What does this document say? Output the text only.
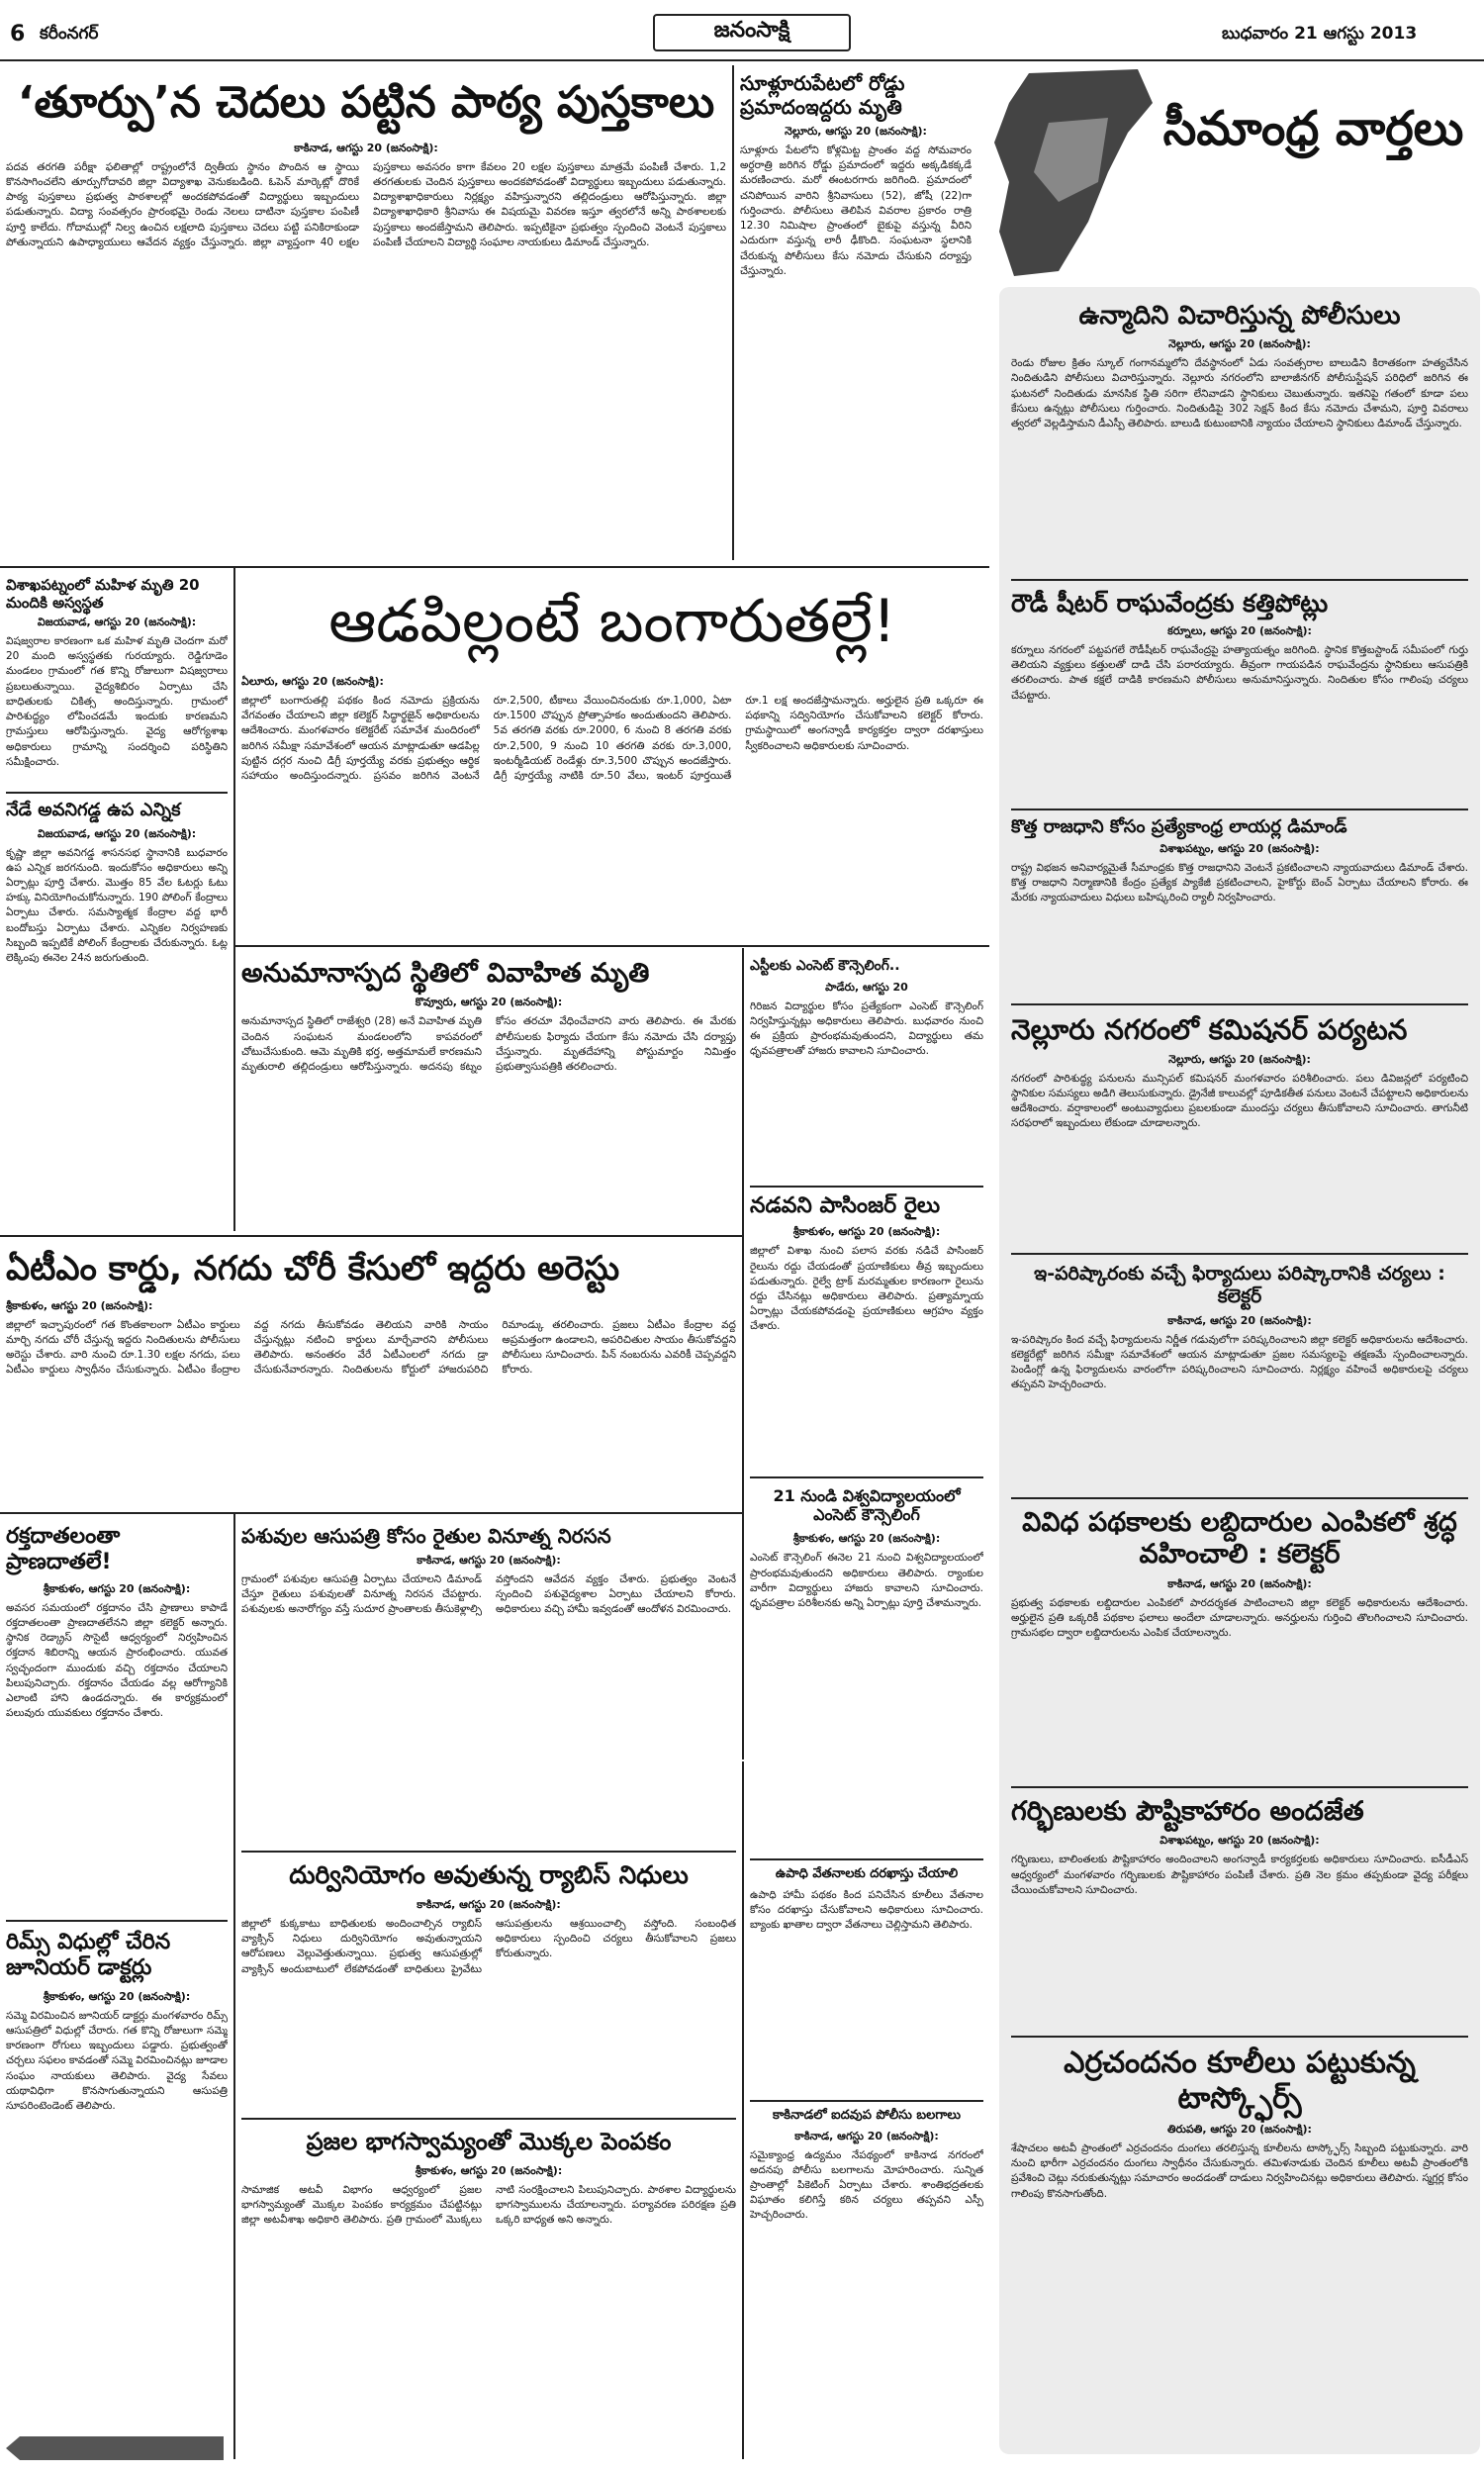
6 కరీంనగర్	జనంసాక్షి	బుధవారం 21 ఆగస్టు 2013
‘తూర్పు’న చెదలు పట్టిన పాఠ్య పుస్తకాలు
కాకినాడ, ఆగస్టు 20 (జనంసాక్షి):

పదవ తరగతి పరీక్షా ఫలితాల్లో రాష్ట్రంలోనే ద్వితీయ స్థానం పొందిన ఆ స్థాయి కొనసాగించలేని తూర్పుగోదావరి జిల్లా విద్యాశాఖ వెనుకబడింది. ఓపెన్ మార్కెట్లో దొరికే పాఠ్య పుస్తకాలు ప్రభుత్వ పాఠశాలల్లో అందకపోవడంతో విద్యార్థులు ఇబ్బందులు పడుతున్నారు. విద్యా సంవత్సరం ప్రారంభమై రెండు నెలలు దాటినా పుస్తకాల పంపిణీ పూర్తి కాలేదు. గోదాముల్లో నిల్వ ఉంచిన లక్షలాది పుస్తకాలు చెదలు పట్టి పనికిరాకుండా పోతున్నాయని ఉపాధ్యాయులు ఆవేదన వ్యక్తం చేస్తున్నారు. జిల్లా వ్యాప్తంగా 40 లక్షల పుస్తకాలు అవసరం కాగా కేవలం 20 లక్షల పుస్తకాలు మాత్రమే పంపిణీ చేశారు. 1,2 తరగతులకు చెందిన పుస్తకాలు అందకపోవడంతో విద్యార్థులు ఇబ్బందులు పడుతున్నారు. విద్యాశాఖాధికారులు నిర్లక్ష్యం వహిస్తున్నారని తల్లిదండ్రులు ఆరోపిస్తున్నారు. జిల్లా విద్యాశాఖాధికారి శ్రీనివాసు ఈ విషయమై వివరణ ఇస్తూ త్వరలోనే అన్ని పాఠశాలలకు పుస్తకాలు అందజేస్తామని తెలిపారు. ఇప్పటికైనా ప్రభుత్వం స్పందించి వెంటనే పుస్తకాలు పంపిణీ చేయాలని విద్యార్థి సంఘాల నాయకులు డిమాండ్ చేస్తున్నారు.

సూళ్లూరుపేటలో రోడ్డు ప్రమాదంఇద్దరు మృతి
నెల్లూరు, ఆగస్టు 20 (జనంసాక్షి):

సూళ్లూరు పేటలోని కోళ్లమిట్ట ప్రాంతం వద్ద సోమవారం అర్ధరాత్రి జరిగిన రోడ్డు ప్రమాదంలో ఇద్దరు అక్కడికక్కడే మరణించారు. మరో ఈంటరగారు జరిగింది. ప్రమాదంలో చనిపోయిన వారిని శ్రీనివాసులు (52), జోషీ (22)గా గుర్తించారు. పోలీసులు తెలిపిన వివరాల ప్రకారం రాత్రి 12.30 నిమిషాల ప్రాంతంలో బైకుపై వస్తున్న వీరిని ఎదురుగా వస్తున్న లారీ ఢీకొంది. సంఘటనా స్థలానికి చేరుకున్న పోలీసులు కేసు నమోదు చేసుకుని దర్యాప్తు చేస్తున్నారు.

సీమాంధ్ర వార్తలు
ఉన్మాదిని విచారిస్తున్న పోలీసులు
నెల్లూరు, ఆగస్టు 20 (జనంసాక్షి):

రెండు రోజుల క్రితం స్కూల్ గంగానమ్మలోని దేవస్థానంలో ఏడు సంవత్సరాల బాలుడిని కిరాతకంగా హత్యచేసిన నిందితుడిని పోలీసులు విచారిస్తున్నారు. నెల్లూరు నగరంలోని బాలాజీనగర్ పోలీసుస్టేషన్ పరిధిలో జరిగిన ఈ ఘటనలో నిందితుడు మానసిక స్థితి సరిగా లేనివాడని స్థానికులు చెబుతున్నారు. ఇతనిపై గతంలో కూడా పలు కేసులు ఉన్నట్లు పోలీసులు గుర్తించారు. నిందితుడిపై 302 సెక్షన్ కింద కేసు నమోదు చేశామని, పూర్తి వివరాలు త్వరలో వెల్లడిస్తామని డీఎస్పీ తెలిపారు. బాలుడి కుటుంబానికి న్యాయం చేయాలని స్థానికులు డిమాండ్ చేస్తున్నారు.

రౌడీ షీటర్ రాఘవేంద్రకు కత్తిపోట్లు
కర్నూలు, ఆగస్టు 20 (జనంసాక్షి):

కర్నూలు నగరంలో పట్టపగలే రౌడీషీటర్ రాఘవేంద్రపై హత్యాయత్నం జరిగింది. స్థానిక కొత్తబస్టాండ్ సమీపంలో గుర్తు తెలియని వ్యక్తులు కత్తులతో దాడి చేసి పరారయ్యారు. తీవ్రంగా గాయపడిన రాఘవేంద్రను స్థానికులు ఆసుపత్రికి తరలించారు. పాత కక్షలే దాడికి కారణమని పోలీసులు అనుమానిస్తున్నారు. నిందితుల కోసం గాలింపు చర్యలు చేపట్టారు.

కొత్త రాజధాని కోసం ప్రత్యేకాంధ్ర లాయర్ల డిమాండ్
విశాఖపట్నం, ఆగస్టు 20 (జనంసాక్షి):

రాష్ట్ర విభజన అనివార్యమైతే సీమాంధ్రకు కొత్త రాజధానిని వెంటనే ప్రకటించాలని న్యాయవాదులు డిమాండ్ చేశారు. కొత్త రాజధాని నిర్మాణానికి కేంద్రం ప్రత్యేక ప్యాకేజీ ప్రకటించాలని, హైకోర్టు బెంచ్ ఏర్పాటు చేయాలని కోరారు. ఈ మేరకు న్యాయవాదులు విధులు బహిష్కరించి ర్యాలీ నిర్వహించారు.

నెల్లూరు నగరంలో కమిషనర్ పర్యటన
నెల్లూరు, ఆగస్టు 20 (జనంసాక్షి):

నగరంలో పారిశుద్ధ్య పనులను మున్సిపల్ కమిషనర్ మంగళవారం పరిశీలించారు. పలు డివిజన్లలో పర్యటించి స్థానికుల సమస్యలు అడిగి తెలుసుకున్నారు. డ్రైనేజీ కాలువల్లో పూడికతీత పనులు వెంటనే చేపట్టాలని అధికారులను ఆదేశించారు. వర్షాకాలంలో అంటువ్యాధులు ప్రబలకుండా ముందస్తు చర్యలు తీసుకోవాలని సూచించారు. తాగునీటి సరఫరాలో ఇబ్బందులు లేకుండా చూడాలన్నారు.

ఇ-పరిష్కారంకు వచ్చే ఫిర్యాదులు పరిష్కారానికి చర్యలు : కలెక్టర్
కాకినాడ, ఆగస్టు 20 (జనంసాక్షి):

ఇ-పరిష్కారం కింద వచ్చే ఫిర్యాదులను నిర్ణీత గడువులోగా పరిష్కరించాలని జిల్లా కలెక్టర్ అధికారులను ఆదేశించారు. కలెక్టరేట్లో జరిగిన సమీక్షా సమావేశంలో ఆయన మాట్లాడుతూ ప్రజల సమస్యలపై తక్షణమే స్పందించాలన్నారు. పెండింగ్లో ఉన్న ఫిర్యాదులను వారంలోగా పరిష్కరించాలని సూచించారు. నిర్లక్ష్యం వహించే అధికారులపై చర్యలు తప్పవని హెచ్చరించారు.

వివిధ పథకాలకు లబ్దిదారుల ఎంపికలో శ్రద్ధ వహించాలి : కలెక్టర్
కాకినాడ, ఆగస్టు 20 (జనంసాక్షి):

ప్రభుత్వ పథకాలకు లబ్దిదారుల ఎంపికలో పారదర్శకత పాటించాలని జిల్లా కలెక్టర్ అధికారులను ఆదేశించారు. అర్హులైన ప్రతి ఒక్కరికీ పథకాల ఫలాలు అందేలా చూడాలన్నారు. అనర్హులను గుర్తించి తొలగించాలని సూచించారు. గ్రామసభల ద్వారా లబ్దిదారులను ఎంపిక చేయాలన్నారు.

గర్భిణులకు పౌష్టికాహారం అందజేత
విశాఖపట్నం, ఆగస్టు 20 (జనంసాక్షి):

గర్భిణులు, బాలింతలకు పౌష్టికాహారం అందించాలని అంగన్వాడీ కార్యకర్తలకు అధికారులు సూచించారు. ఐసీడీఎస్ ఆధ్వర్యంలో మంగళవారం గర్భిణులకు పౌష్టికాహారం పంపిణీ చేశారు. ప్రతి నెల క్రమం తప్పకుండా వైద్య పరీక్షలు చేయించుకోవాలని సూచించారు.

ఎర్రచందనం కూలీలు పట్టుకున్న టాస్క్ఫోర్స్
తిరుపతి, ఆగస్టు 20 (జనంసాక్షి):

శేషాచలం అటవీ ప్రాంతంలో ఎర్రచందనం దుంగలు తరలిస్తున్న కూలీలను టాస్క్ఫోర్స్ సిబ్బంది పట్టుకున్నారు. వారి నుంచి భారీగా ఎర్రచందనం దుంగలు స్వాధీనం చేసుకున్నారు. తమిళనాడుకు చెందిన కూలీలు అటవీ ప్రాంతంలోకి ప్రవేశించి చెట్లు నరుకుతున్నట్లు సమాచారం అందడంతో దాడులు నిర్వహించినట్లు అధికారులు తెలిపారు. స్మగ్లర్ల కోసం గాలింపు కొనసాగుతోంది.

విశాఖపట్నంలో మహిళ మృతి 20 మందికి అస్వస్థత
విజయవాడ, ఆగస్టు 20 (జనంసాక్షి):

విషజ్వరాల కారణంగా ఒక మహిళ మృతి చెందగా మరో 20 మంది అస్వస్థతకు గురయ్యారు. రెడ్డిగూడెం మండలం గ్రామంలో గత కొన్ని రోజులుగా విషజ్వరాలు ప్రబలుతున్నాయి. వైద్యశిబిరం ఏర్పాటు చేసి బాధితులకు చికిత్స అందిస్తున్నారు. గ్రామంలో పారిశుద్ధ్యం లోపించడమే ఇందుకు కారణమని గ్రామస్తులు ఆరోపిస్తున్నారు. వైద్య ఆరోగ్యశాఖ అధికారులు గ్రామాన్ని సందర్శించి పరిస్థితిని సమీక్షించారు.

నేడే అవనిగడ్డ ఉప ఎన్నిక
విజయవాడ, ఆగస్టు 20 (జనంసాక్షి):

కృష్ణా జిల్లా అవనిగడ్డ శాసనసభ స్థానానికి బుధవారం ఉప ఎన్నిక జరగనుంది. ఇందుకోసం అధికారులు అన్ని ఏర్పాట్లు పూర్తి చేశారు. మొత్తం 85 వేల ఓటర్లు ఓటు హక్కు వినియోగించుకోనున్నారు. 190 పోలింగ్ కేంద్రాలు ఏర్పాటు చేశారు. సమస్యాత్మక కేంద్రాల వద్ద భారీ బందోబస్తు ఏర్పాటు చేశారు. ఎన్నికల నిర్వహణకు సిబ్బంది ఇప్పటికే పోలింగ్ కేంద్రాలకు చేరుకున్నారు. ఓట్ల లెక్కింపు ఈనెల 24న జరుగుతుంది.

ఆడపిల్లంటే బంగారుతల్లే!
ఏలూరు, ఆగస్టు 20 (జనంసాక్షి):

జిల్లాలో బంగారుతల్లి పథకం కింద నమోదు ప్రక్రియను వేగవంతం చేయాలని జిల్లా కలెక్టర్ సిద్ధార్థజైన్ అధికారులను ఆదేశించారు. మంగళవారం కలెక్టరేట్ సమావేశ మందిరంలో జరిగిన సమీక్షా సమావేశంలో ఆయన మాట్లాడుతూ ఆడపిల్ల పుట్టిన దగ్గర నుంచి డిగ్రీ పూర్తయ్యే వరకు ప్రభుత్వం ఆర్థిక సహాయం అందిస్తుందన్నారు. ప్రసవం జరిగిన వెంటనే రూ.2,500, టీకాలు వేయించినందుకు రూ.1,000, ఏటా రూ.1500 చొప్పున ప్రోత్సాహకం అందుతుందని తెలిపారు. 5వ తరగతి వరకు రూ.2000, 6 నుంచి 8 తరగతి వరకు రూ.2,500, 9 నుంచి 10 తరగతి వరకు రూ.3,000, ఇంటర్మీడియట్ రెండేళ్లు రూ.3,500 చొప్పున అందజేస్తారు. డిగ్రీ పూర్తయ్యే నాటికి రూ.50 వేలు, ఇంటర్ పూర్తయితే రూ.1 లక్ష అందజేస్తామన్నారు. అర్హులైన ప్రతి ఒక్కరూ ఈ పథకాన్ని సద్వినియోగం చేసుకోవాలని కలెక్టర్ కోరారు. గ్రామస్థాయిలో అంగన్వాడీ కార్యకర్తల ద్వారా దరఖాస్తులు స్వీకరించాలని అధికారులకు సూచించారు.

అనుమానాస్పద స్థితిలో వివాహిత మృతి
కొవ్వూరు, ఆగస్టు 20 (జనంసాక్షి):

అనుమానాస్పద స్థితిలో రాజేశ్వరి (28) అనే వివాహిత మృతి చెందిన సంఘటన మండలంలోని కాపవరంలో చోటుచేసుకుంది. ఆమె మృతికి భర్త, అత్తమామలే కారణమని మృతురాలి తల్లిదండ్రులు ఆరోపిస్తున్నారు. అదనపు కట్నం కోసం తరచూ వేధించేవారని వారు తెలిపారు. ఈ మేరకు పోలీసులకు ఫిర్యాదు చేయగా కేసు నమోదు చేసి దర్యాప్తు చేస్తున్నారు. మృతదేహాన్ని పోస్టుమార్టం నిమిత్తం ప్రభుత్వాసుపత్రికి తరలించారు.

ఎస్టీలకు ఎంసెట్ కౌన్సెలింగ్..
పాడేరు, ఆగస్టు 20

గిరిజన విద్యార్థుల కోసం ప్రత్యేకంగా ఎంసెట్ కౌన్సెలింగ్ నిర్వహిస్తున్నట్లు అధికారులు తెలిపారు. బుధవారం నుంచి ఈ ప్రక్రియ ప్రారంభమవుతుందని, విద్యార్థులు తమ ధృవపత్రాలతో హాజరు కావాలని సూచించారు.

నడవని పాసింజర్ రైలు
శ్రీకాకుళం, ఆగస్టు 20 (జనంసాక్షి):

జిల్లాలో విశాఖ నుంచి పలాస వరకు నడిచే పాసింజర్ రైలును రద్దు చేయడంతో ప్రయాణికులు తీవ్ర ఇబ్బందులు పడుతున్నారు. రైల్వే ట్రాక్ మరమ్మతుల కారణంగా రైలును రద్దు చేసినట్లు అధికారులు తెలిపారు. ప్రత్యామ్నాయ ఏర్పాట్లు చేయకపోవడంపై ప్రయాణికులు ఆగ్రహం వ్యక్తం చేశారు.

ఏటీఎం కార్డు, నగదు చోరీ కేసులో ఇద్దరు అరెస్టు
శ్రీకాకుళం, ఆగస్టు 20 (జనంసాక్షి):

జిల్లాలో ఇచ్ఛాపురంలో గత కొంతకాలంగా ఏటీఎం కార్డులు మార్చి నగదు చోరీ చేస్తున్న ఇద్దరు నిందితులను పోలీసులు అరెస్టు చేశారు. వారి నుంచి రూ.1.30 లక్షల నగదు, పలు ఏటీఎం కార్డులు స్వాధీనం చేసుకున్నారు. ఏటీఎం కేంద్రాల వద్ద నగదు తీసుకోవడం తెలియని వారికి సాయం చేస్తున్నట్లు నటించి కార్డులు మార్చేవారని పోలీసులు తెలిపారు. అనంతరం వేరే ఏటీఎంలలో నగదు డ్రా చేసుకునేవారన్నారు. నిందితులను కోర్టులో హాజరుపరిచి రిమాండ్కు తరలించారు. ప్రజలు ఏటీఎం కేంద్రాల వద్ద అప్రమత్తంగా ఉండాలని, అపరిచితుల సాయం తీసుకోవద్దని పోలీసులు సూచించారు. పిన్ నంబరును ఎవరికీ చెప్పవద్దని కోరారు.

రక్తదాతలంతా ప్రాణదాతలే!
శ్రీకాకుళం, ఆగస్టు 20 (జనంసాక్షి):

అవసర సమయంలో రక్తదానం చేసి ప్రాణాలు కాపాడే రక్తదాతలంతా ప్రాణదాతలేనని జిల్లా కలెక్టర్ అన్నారు. స్థానిక రెడ్క్రాస్ సొసైటీ ఆధ్వర్యంలో నిర్వహించిన రక్తదాన శిబిరాన్ని ఆయన ప్రారంభించారు. యువత స్వచ్ఛందంగా ముందుకు వచ్చి రక్తదానం చేయాలని పిలుపునిచ్చారు. రక్తదానం చేయడం వల్ల ఆరోగ్యానికి ఎలాంటి హాని ఉండదన్నారు. ఈ కార్యక్రమంలో పలువురు యువకులు రక్తదానం చేశారు.

రిమ్స్ విధుల్లో చేరిన జూనియర్ డాక్టర్లు
శ్రీకాకుళం, ఆగస్టు 20 (జనంసాక్షి):

సమ్మె విరమించిన జూనియర్ డాక్టర్లు మంగళవారం రిమ్స్ ఆసుపత్రిలో విధుల్లో చేరారు. గత కొన్ని రోజులుగా సమ్మె కారణంగా రోగులు ఇబ్బందులు పడ్డారు. ప్రభుత్వంతో చర్చలు సఫలం కావడంతో సమ్మె విరమించినట్లు జూడాల సంఘం నాయకులు తెలిపారు. వైద్య సేవలు యథావిధిగా కొనసాగుతున్నాయని ఆసుపత్రి సూపరింటెండెంట్ తెలిపారు.

పశువుల ఆసుపత్రి కోసం రైతుల వినూత్న నిరసన
కాకినాడ, ఆగస్టు 20 (జనంసాక్షి):

గ్రామంలో పశువుల ఆసుపత్రి ఏర్పాటు చేయాలని డిమాండ్ చేస్తూ రైతులు పశువులతో వినూత్న నిరసన చేపట్టారు. పశువులకు అనారోగ్యం వస్తే సుదూర ప్రాంతాలకు తీసుకెళ్లాల్సి వస్తోందని ఆవేదన వ్యక్తం చేశారు. ప్రభుత్వం వెంటనే స్పందించి పశువైద్యశాల ఏర్పాటు చేయాలని కోరారు. అధికారులు వచ్చి హామీ ఇవ్వడంతో ఆందోళన విరమించారు.

దుర్వినియోగం అవుతున్న ర్యాబిస్ నిధులు
కాకినాడ, ఆగస్టు 20 (జనంసాక్షి):

జిల్లాలో కుక్కకాటు బాధితులకు అందించాల్సిన ర్యాబిస్ వ్యాక్సిన్ నిధులు దుర్వినియోగం అవుతున్నాయని ఆరోపణలు వెల్లువెత్తుతున్నాయి. ప్రభుత్వ ఆసుపత్రుల్లో వ్యాక్సిన్ అందుబాటులో లేకపోవడంతో బాధితులు ప్రైవేటు ఆసుపత్రులను ఆశ్రయించాల్సి వస్తోంది. సంబంధిత అధికారులు స్పందించి చర్యలు తీసుకోవాలని ప్రజలు కోరుతున్నారు.

ప్రజల భాగస్వామ్యంతో మొక్కల పెంపకం
శ్రీకాకుళం, ఆగస్టు 20 (జనంసాక్షి):

సామాజిక అటవీ విభాగం ఆధ్వర్యంలో ప్రజల భాగస్వామ్యంతో మొక్కల పెంపకం కార్యక్రమం చేపట్టినట్లు జిల్లా అటవీశాఖ అధికారి తెలిపారు. ప్రతి గ్రామంలో మొక్కలు నాటి సంరక్షించాలని పిలుపునిచ్చారు. పాఠశాల విద్యార్థులను భాగస్వాములను చేయాలన్నారు. పర్యావరణ పరిరక్షణ ప్రతి ఒక్కరి బాధ్యత అని అన్నారు.

21 నుండి విశ్వవిద్యాలయంలో ఎంసెట్ కౌన్సెలింగ్
శ్రీకాకుళం, ఆగస్టు 20 (జనంసాక్షి):

ఎంసెట్ కౌన్సెలింగ్ ఈనెల 21 నుంచి విశ్వవిద్యాలయంలో ప్రారంభమవుతుందని అధికారులు తెలిపారు. ర్యాంకుల వారీగా విద్యార్థులు హాజరు కావాలని సూచించారు. ధృవపత్రాల పరిశీలనకు అన్ని ఏర్పాట్లు పూర్తి చేశామన్నారు.

ఉపాధి వేతనాలకు దరఖాస్తు చేయాలి

ఉపాధి హామీ పథకం కింద పనిచేసిన కూలీలు వేతనాల కోసం దరఖాస్తు చేసుకోవాలని అధికారులు సూచించారు. బ్యాంకు ఖాతాల ద్వారా వేతనాలు చెల్లిస్తామని తెలిపారు.

కాకినాడలో ఐదవుప పోలీసు బలగాలు
కాకినాడ, ఆగస్టు 20 (జనంసాక్షి):

సమైక్యాంధ్ర ఉద్యమం నేపథ్యంలో కాకినాడ నగరంలో అదనపు పోలీసు బలగాలను మోహరించారు. సున్నిత ప్రాంతాల్లో పికెటింగ్ ఏర్పాటు చేశారు. శాంతిభద్రతలకు విఘాతం కలిగిస్తే కఠిన చర్యలు తప్పవని ఎస్పీ హెచ్చరించారు.
